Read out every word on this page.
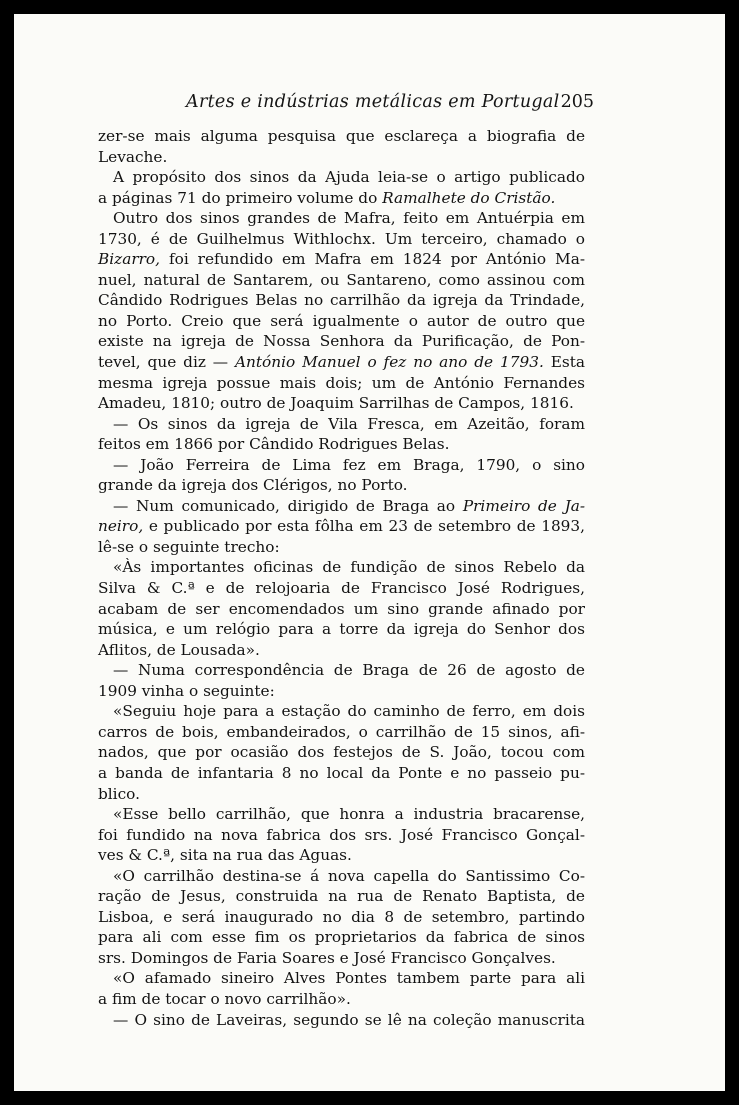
Artes e indústrias metálicas em Portugal 205
zer-se mais alguma pesquisa que esclareça a biografia de
Levache.
A propósito dos sinos da Ajuda leia-se o artigo publicado
a páginas 71 do primeiro volume do Ramalhete do Cristão.
Outro dos sinos grandes de Mafra, feito em Antuérpia em
1730, é de Guilhelmus Withlochx. Um terceiro, chamado o
Bizarro, foi refundido em Mafra em 1824 por António Ma-
nuel, natural de Santarem, ou Santareno, como assinou com
Cândido Rodrigues Belas no carrilhão da igreja da Trindade,
no Porto. Creio que será igualmente o autor de outro que
existe na igreja de Nossa Senhora da Purificação, de Pon-
tevel, que diz — António Manuel o fez no ano de 1793. Esta
mesma igreja possue mais dois; um de António Fernandes
Amadeu, 1810; outro de Joaquim Sarrilhas de Campos, 1816.
— Os sinos da igreja de Vila Fresca, em Azeitão, foram
feitos em 1866 por Cândido Rodrigues Belas.
— João Ferreira de Lima fez em Braga, 1790, o sino
grande da igreja dos Clérigos, no Porto.
— Num comunicado, dirigido de Braga ao Primeiro de Ja-
neiro, e publicado por esta fôlha em 23 de setembro de 1893,
lê-se o seguinte trecho:
«Às importantes oficinas de fundição de sinos Rebelo da
Silva & C.ª e de relojoaria de Francisco José Rodrigues,
acabam de ser encomendados um sino grande afinado por
música, e um relógio para a torre da igreja do Senhor dos
Aflitos, de Lousada».
— Numa correspondência de Braga de 26 de agosto de
1909 vinha o seguinte:
«Seguiu hoje para a estação do caminho de ferro, em dois
carros de bois, embandeirados, o carrilhão de 15 sinos, afi-
nados, que por ocasião dos festejos de S. João, tocou com
a banda de infantaria 8 no local da Ponte e no passeio pu-
blico.
«Esse bello carrilhão, que honra a industria bracarense,
foi fundido na nova fabrica dos srs. José Francisco Gonçal-
ves & C.ª, sita na rua das Aguas.
«O carrilhão destina-se á nova capella do Santissimo Co-
ração de Jesus, construida na rua de Renato Baptista, de
Lisboa, e será inaugurado no dia 8 de setembro, partindo
para ali com esse fim os proprietarios da fabrica de sinos
srs. Domingos de Faria Soares e José Francisco Gonçalves.
«O afamado sineiro Alves Pontes tambem parte para ali
a fim de tocar o novo carrilhão».
— O sino de Laveiras, segundo se lê na coleção manuscrita
